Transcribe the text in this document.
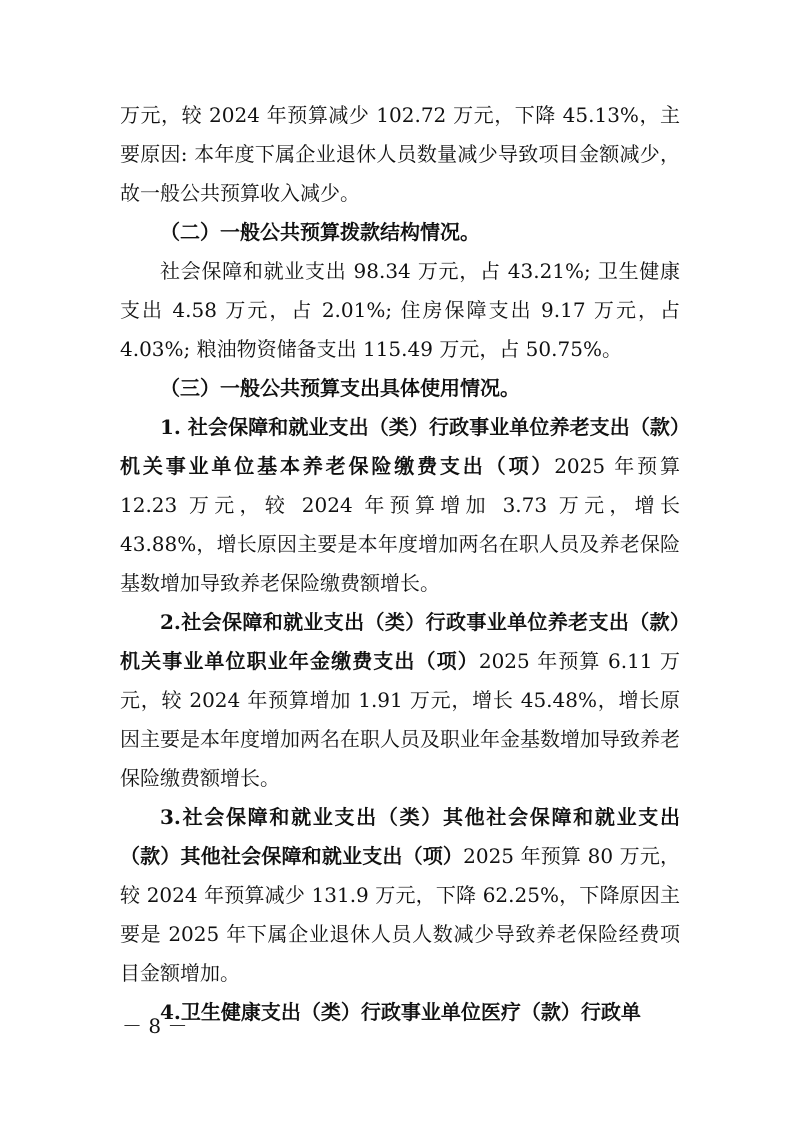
万元，较 2024 年预算减少 102.72 万元，下降 45.13%，主要原因: 本年度下属企业退休人员数量减少导致项目金额减少，故一般公共预算收入减少。

（二）一般公共预算拨款结构情况。

社会保障和就业支出 98.34 万元，占 43.21%; 卫生健康支出 4.58 万元，占 2.01%; 住房保障支出 9.17 万元，占 4.03%; 粮油物资储备支出 115.49 万元，占 50.75%。

（三）一般公共预算支出具体使用情况。

1. 社会保障和就业支出（类）行政事业单位养老支出（款）机关事业单位基本养老保险缴费支出（项）2025 年预算 12.23 万元，较 2024 年预算增加 3.73 万元，增长 43.88%，增长原因主要是本年度增加两名在职人员及养老保险基数增加导致养老保险缴费额增长。

2.社会保障和就业支出（类）行政事业单位养老支出（款）机关事业单位职业年金缴费支出（项）2025 年预算 6.11 万元，较 2024 年预算增加 1.91 万元，增长 45.48%，增长原因主要是本年度增加两名在职人员及职业年金基数增加导致养老保险缴费额增长。

3.社会保障和就业支出（类）其他社会保障和就业支出（款）其他社会保障和就业支出（项）2025 年预算 80 万元，较 2024 年预算减少 131.9 万元，下降 62.25%，下降原因主要是 2025 年下属企业退休人员人数减少导致养老保险经费项目金额增加。

4.卫生健康支出（类）行政事业单位医疗（款）行政单

－ 8 －
